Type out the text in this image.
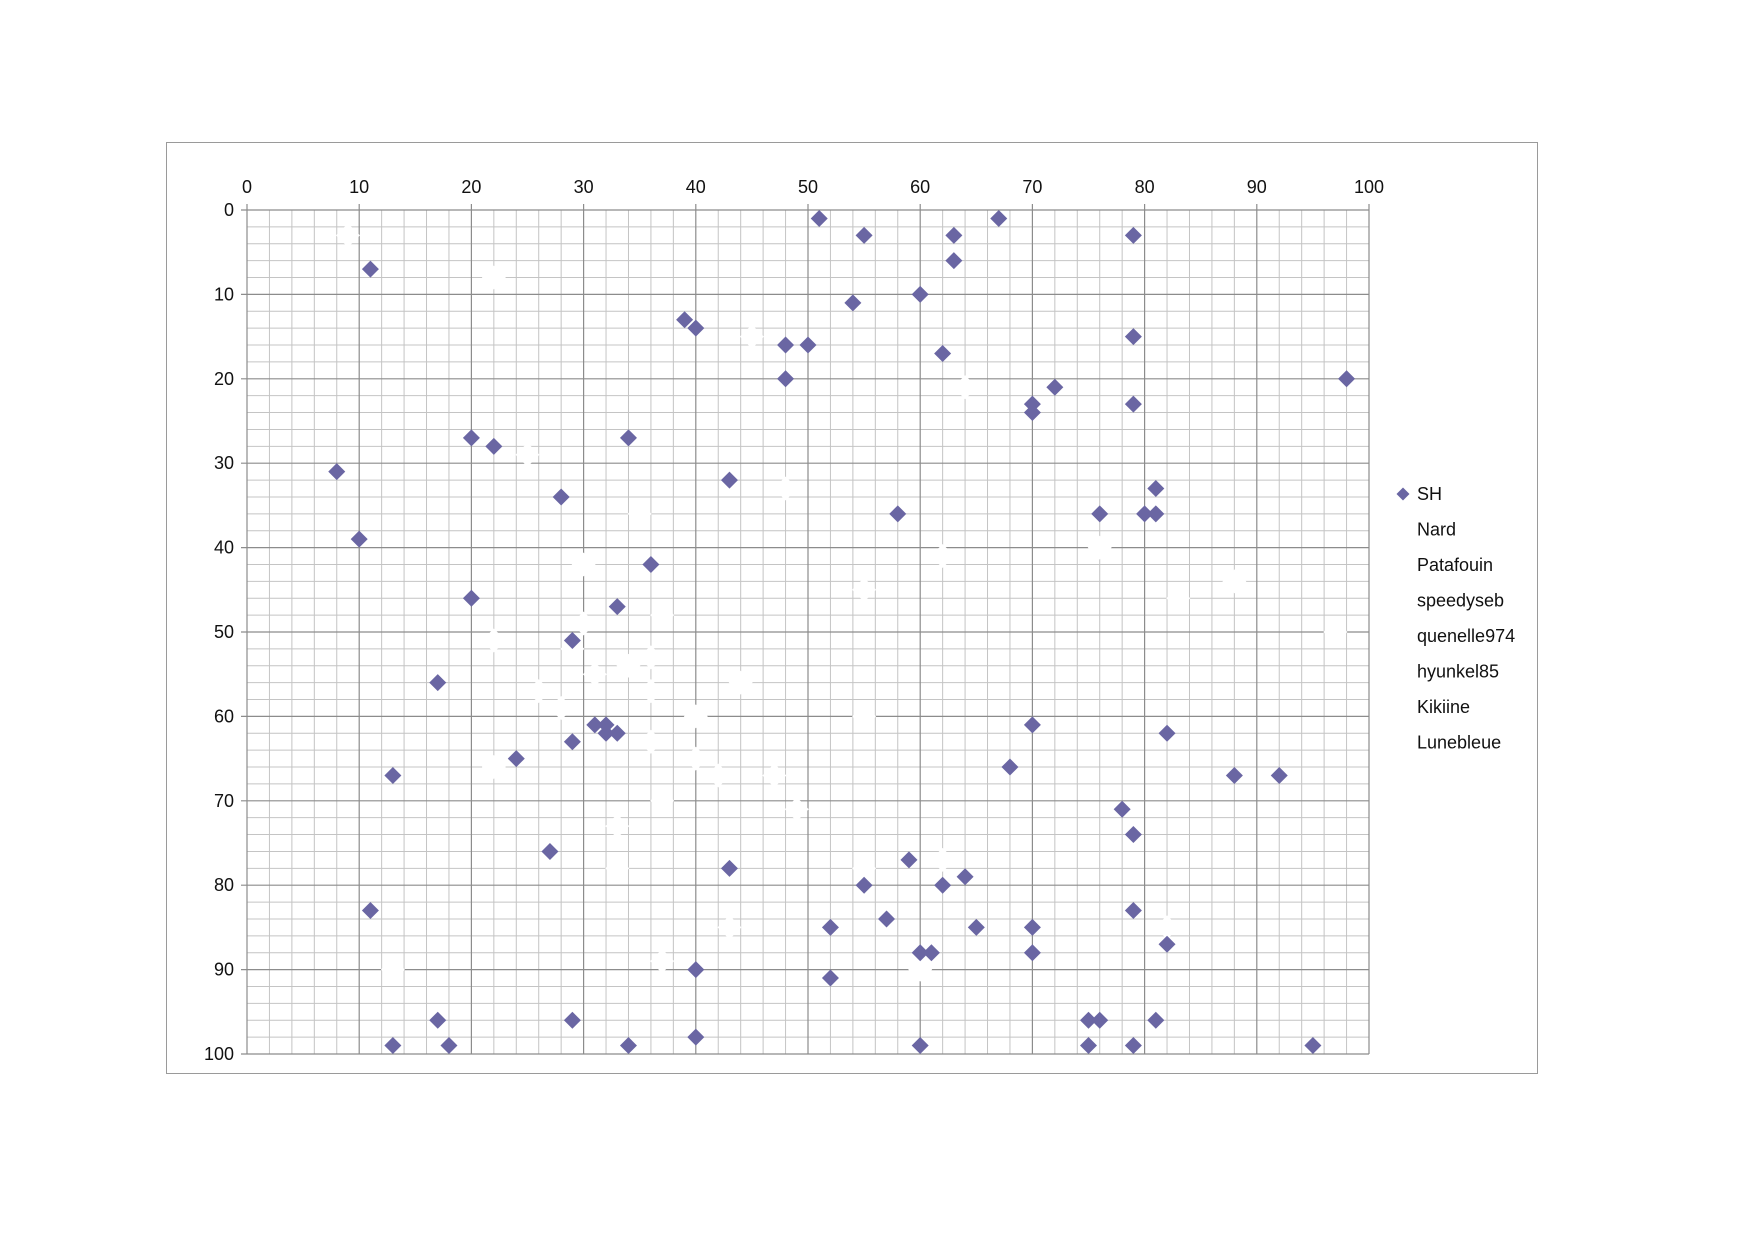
0	10	20	30	40	50	60	70	80	90	100
0
10
20
30
40
50
60
70
80
90
100
SH
Nard
Patafouin
speedyseb
quenelle974
hyunkel85
Kikiine
Lunebleue
